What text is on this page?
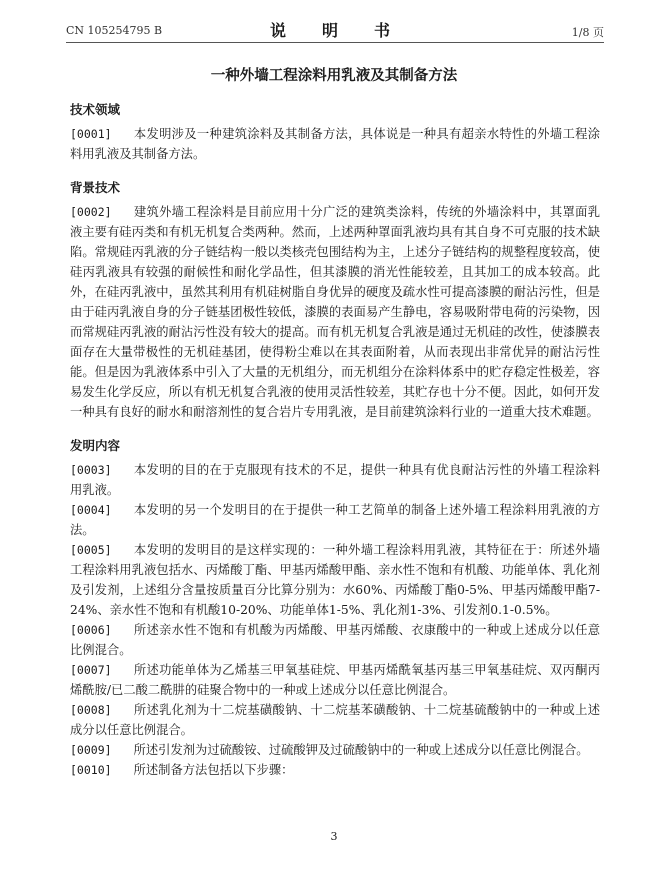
CN 105254795 B	说　明　书	1/8 页
一种外墙工程涂料用乳液及其制备方法
技术领域

[0001] 本发明涉及一种建筑涂料及其制备方法，具体说是一种具有超亲水特性的外墙工程涂料用乳液及其制备方法。

背景技术

[0002] 建筑外墙工程涂料是目前应用十分广泛的建筑类涂料，传统的外墙涂料中，其罩面乳液主要有硅丙类和有机无机复合类两种。然而，上述两种罩面乳液均具有其自身不可克服的技术缺陷。常规硅丙乳液的分子链结构一般以类核壳包围结构为主，上述分子链结构的规整程度较高，使硅丙乳液具有较强的耐候性和耐化学品性，但其漆膜的消光性能较差，且其加工的成本较高。此外，在硅丙乳液中，虽然其利用有机硅树脂自身优异的硬度及疏水性可提高漆膜的耐沾污性，但是由于硅丙乳液自身的分子链基团极性较低，漆膜的表面易产生静电，容易吸附带电荷的污染物，因而常规硅丙乳液的耐沾污性没有较大的提高。而有机无机复合乳液是通过无机硅的改性，使漆膜表面存在大量带极性的无机硅基团，使得粉尘难以在其表面附着，从而表现出非常优异的耐沾污性能。但是因为乳液体系中引入了大量的无机组分，而无机组分在涂料体系中的贮存稳定性极差，容易发生化学反应，所以有机无机复合乳液的使用灵活性较差，其贮存也十分不便。因此，如何开发一种具有良好的耐水和耐溶剂性的复合岩片专用乳液，是目前建筑涂料行业的一道重大技术难题。

发明内容

[0003] 本发明的目的在于克服现有技术的不足，提供一种具有优良耐沾污性的外墙工程涂料用乳液。

[0004] 本发明的另一个发明目的在于提供一种工艺简单的制备上述外墙工程涂料用乳液的方法。

[0005] 本发明的发明目的是这样实现的：一种外墙工程涂料用乳液，其特征在于：所述外墙工程涂料用乳液包括水、丙烯酸丁酯、甲基丙烯酸甲酯、亲水性不饱和有机酸、功能单体、乳化剂及引发剂，上述组分含量按质量百分比算分别为：水60%、丙烯酸丁酯0-5%、甲基丙烯酸甲酯7-24%、亲水性不饱和有机酸10-20%、功能单体1-5%、乳化剂1-3%、引发剂0.1-0.5%。

[0006] 所述亲水性不饱和有机酸为丙烯酸、甲基丙烯酸、衣康酸中的一种或上述成分以任意比例混合。

[0007] 所述功能单体为乙烯基三甲氧基硅烷、甲基丙烯酰氧基丙基三甲氧基硅烷、双丙酮丙烯酰胺/已二酸二酰肼的硅聚合物中的一种或上述成分以任意比例混合。

[0008] 所述乳化剂为十二烷基磺酸钠、十二烷基苯磺酸钠、十二烷基硫酸钠中的一种或上述成分以任意比例混合。

[0009] 所述引发剂为过硫酸铵、过硫酸钾及过硫酸钠中的一种或上述成分以任意比例混合。

[0010] 所述制备方法包括以下步骤：

3
